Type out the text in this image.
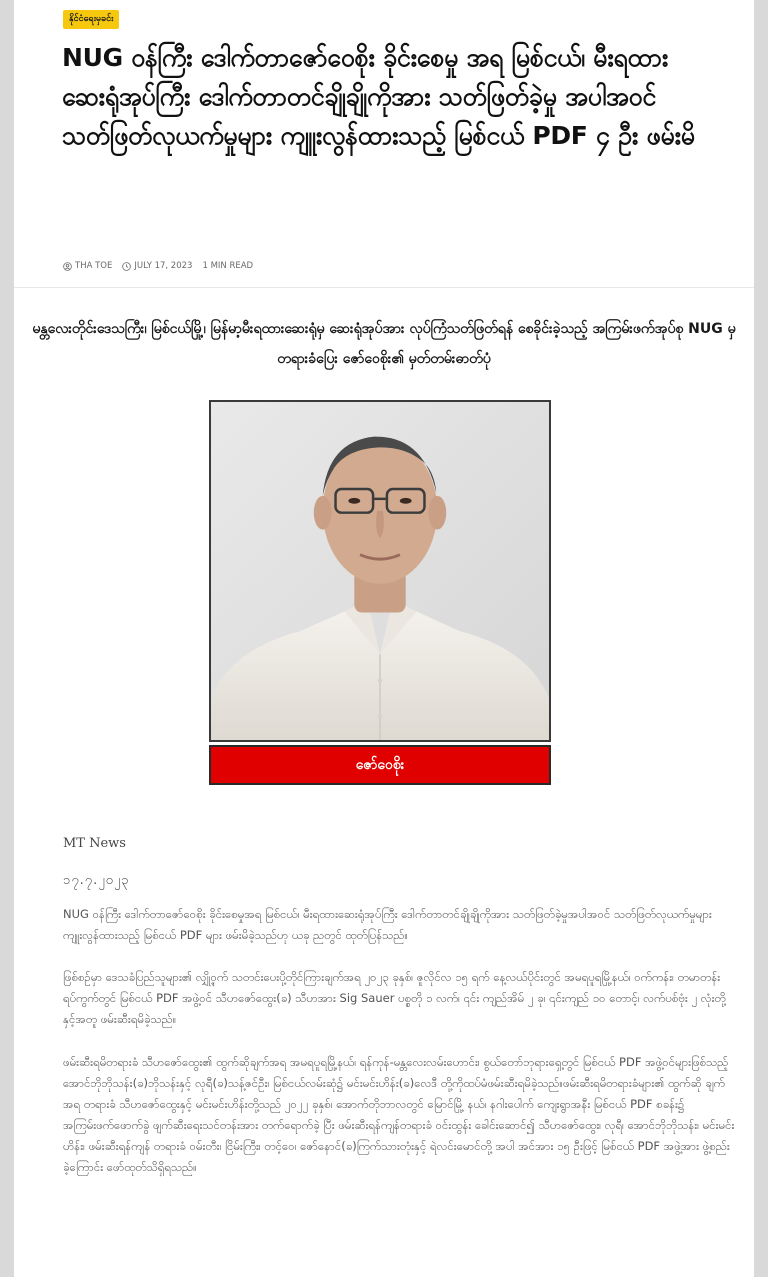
နိုင်ငံရေးမှခင်း
NUG ဝန်ကြီး ဒေါက်တာဇော်ဝေစိုး ခိုင်းစေမှု အရ မြစ်ငယ်၊ မီးရထားဆေးရုံအုပ်ကြီး ဒေါက်တာတင်ချိုချိုကိုအား သတ်ဖြတ်ခဲ့မှု အပါအဝင် သတ်ဖြတ်လုယက်မှုများ ကျူးလွန်ထားသည့် မြစ်ငယ် PDF ၄ ဦး ဖမ်းမိ
THA TOE	JULY 17, 2023 1 MIN READ
မန္တလေးတိုင်းဒေသကြီး၊ မြစ်ငယ်မြို့၊ မြန်မာ့မီးရထားဆေးရုံမှ ဆေးရုံအုပ်အား လုပ်ကြံသတ်ဖြတ်ရန် စေခိုင်းခဲ့သည့် အကြမ်းဖက်အုပ်စု NUG မှ တရားခံပြေး ဇော်ဝေစိုး၏ မှတ်တမ်းဓာတ်ပုံ
ဇော်ဝေစိုး
MT News
၁၇.၇.၂၀၂၃

NUG ဝန်ကြီး ဒေါက်တာဇော်ဝေစိုး ခိုင်းစေမှုအရ မြစ်ငယ်၊ မီးရထားဆေးရုံအုပ်ကြီး ဒေါက်တာတင်ချိုချိုကိုအား သတ်ဖြတ်ခဲ့မှုအပါအဝင် သတ်ဖြတ်လုယက်မှုများကျူးလွန်ထားသည့် မြစ်ငယ် PDF များ ဖမ်းမိခဲ့သည်ဟု ယခု ညတွင် ထုတ်ပြန်သည်။

ဖြစ်စဉ်မှာ ဒေသခံပြည်သူများ၏ လျှို့ဝှက် သတင်းပေးပို့တိုင်ကြားချက်အရ ၂၀၂၃ ခုနှစ်၊ ဇူလိုင်လ ၁၅ ရက် နေ့လယ်ပိုင်းတွင် အမရပူရမြို့နယ်၊ ဝက်ကန်း၊ တမာတန်းရပ်ကွက်တွင် မြစ်ငယ် PDF အဖွဲ့ဝင် သီဟဇော်ထွေး(ခ) သီဟအား Sig Sauer ပစ္စတို ၁ လက်၊ ၎င်း ကျည်အိမ် ၂ ခု၊ ၎င်းကျည် ၁၀ တောင့်၊ လက်ပစ်ဗုံး ၂ လုံးတို့နှင့်အတူ ဖမ်းဆီးရမိခဲ့သည်။

ဖမ်းဆီးရမိတရားခံ သီဟဇော်ထွေး၏ ထွက်ဆိုချက်အရ အမရပူရမြို့နယ်၊ ရန်ကုန်-မန္တလေးလမ်းဟောင်း၊ စွယ်တော်ဘုရားရှေ့တွင် မြစ်ငယ် PDF အဖွဲ့ဝင်များဖြစ်သည့် အောင်ဘိုဘိုသန်း(ခ)ဘိုသန်းနှင့် လုရီ(ခ)သန့်ဇင်ဦး၊ မြစ်ငယ်လမ်းဆုံ၌ မင်းမင်းဟိန်း(ခ)လေဒီ တို့ကိုထပ်မံဖမ်းဆီးရမိခဲ့သည်။ဖမ်းဆီးရမိတရားခံများ၏ ထွက်ဆို ချက်အရ တရားခံ သီဟဇော်ထွေးနှင့် မင်းမင်းဟိန်းတို့သည် ၂၀၂၂ ခုနှစ်၊ အောက်တိုဘာလတွင် မြောင်မြို့ နယ်၊ နဂါးပေါက် ကျေးရွာအနီး မြစ်ငယ် PDF စခန်း၌ အကြမ်းဖက်ဖောက်ခွဲ ဖျက်ဆီးရေးသင်တန်းအား တက်ရောက်ခဲ့ ပြီး ဖမ်းဆီးရန်ကျန်တရားခံ ဝင်းထွန်း ခေါင်းဆောင်၍ သီဟဇော်ထွေး၊ လုရီ၊ အောင်ဘိုဘိုသန်း၊ မင်းမင်းဟိန်း၊ ဖမ်းဆီးရန်ကျန် တရားခံ ဝမ်းတီး၊ ငြိမ်းကြီး၊ တင့်ဝေ၊ ဇော်နောင်(ခ)ကြက်သားတုံးနှင့် ရဲလင်းမောင်တို့ အပါ အင်အား ၁၅ ဦးဖြင့် မြစ်ငယ် PDF အဖွဲ့အား ဖွဲ့စည်းခဲ့ကြောင်း ဖော်ထုတ်သိရှိရသည်။
